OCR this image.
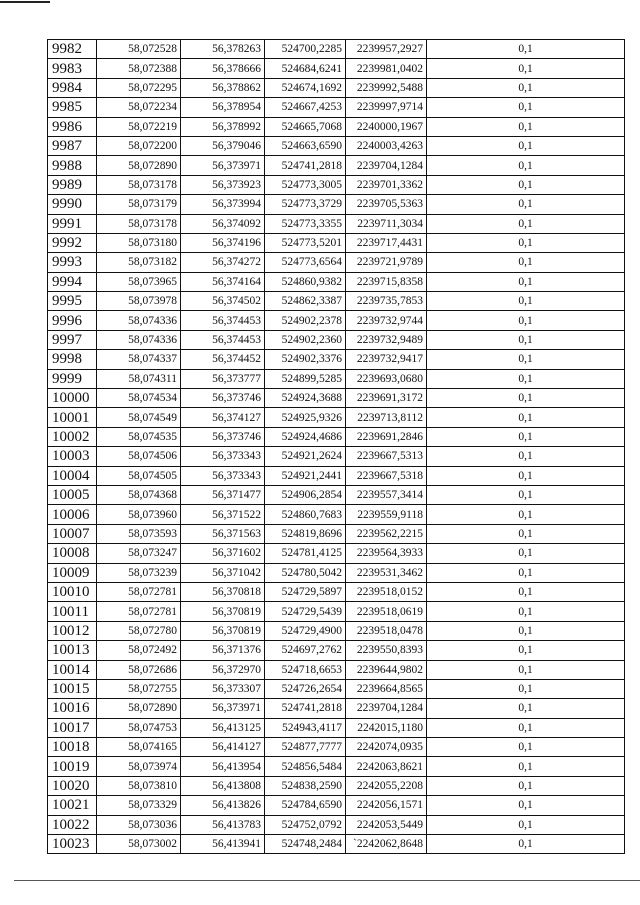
9982	58,072528	56,378263	524700,2285	2239957,2927	0,1
9983	58,072388	56,378666	524684,6241	2239981,0402	0,1
9984	58,072295	56,378862	524674,1692	2239992,5488	0,1
9985	58,072234	56,378954	524667,4253	2239997,9714	0,1
9986	58,072219	56,378992	524665,7068	2240000,1967	0,1
9987	58,072200	56,379046	524663,6590	2240003,4263	0,1
9988	58,072890	56,373971	524741,2818	2239704,1284	0,1
9989	58,073178	56,373923	524773,3005	2239701,3362	0,1
9990	58,073179	56,373994	524773,3729	2239705,5363	0,1
9991	58,073178	56,374092	524773,3355	2239711,3034	0,1
9992	58,073180	56,374196	524773,5201	2239717,4431	0,1
9993	58,073182	56,374272	524773,6564	2239721,9789	0,1
9994	58,073965	56,374164	524860,9382	2239715,8358	0,1
9995	58,073978	56,374502	524862,3387	2239735,7853	0,1
9996	58,074336	56,374453	524902,2378	2239732,9744	0,1
9997	58,074336	56,374453	524902,2360	2239732,9489	0,1
9998	58,074337	56,374452	524902,3376	2239732,9417	0,1
9999	58,074311	56,373777	524899,5285	2239693,0680	0,1
10000	58,074534	56,373746	524924,3688	2239691,3172	0,1
10001	58,074549	56,374127	524925,9326	2239713,8112	0,1
10002	58,074535	56,373746	524924,4686	2239691,2846	0,1
10003	58,074506	56,373343	524921,2624	2239667,5313	0,1
10004	58,074505	56,373343	524921,2441	2239667,5318	0,1
10005	58,074368	56,371477	524906,2854	2239557,3414	0,1
10006	58,073960	56,371522	524860,7683	2239559,9118	0,1
10007	58,073593	56,371563	524819,8696	2239562,2215	0,1
10008	58,073247	56,371602	524781,4125	2239564,3933	0,1
10009	58,073239	56,371042	524780,5042	2239531,3462	0,1
10010	58,072781	56,370818	524729,5897	2239518,0152	0,1
10011	58,072781	56,370819	524729,5439	2239518,0619	0,1
10012	58,072780	56,370819	524729,4900	2239518,0478	0,1
10013	58,072492	56,371376	524697,2762	2239550,8393	0,1
10014	58,072686	56,372970	524718,6653	2239644,9802	0,1
10015	58,072755	56,373307	524726,2654	2239664,8565	0,1
10016	58,072890	56,373971	524741,2818	2239704,1284	0,1
10017	58,074753	56,413125	524943,4117	2242015,1180	0,1
10018	58,074165	56,414127	524877,7777	2242074,0935	0,1
10019	58,073974	56,413954	524856,5484	2242063,8621	0,1
10020	58,073810	56,413808	524838,2590	2242055,2208	0,1
10021	58,073329	56,413826	524784,6590	2242056,1571	0,1
10022	58,073036	56,413783	524752,0792	2242053,5449	0,1
10023	58,073002	56,413941	524748,2484	`2242062,8648	0,1
